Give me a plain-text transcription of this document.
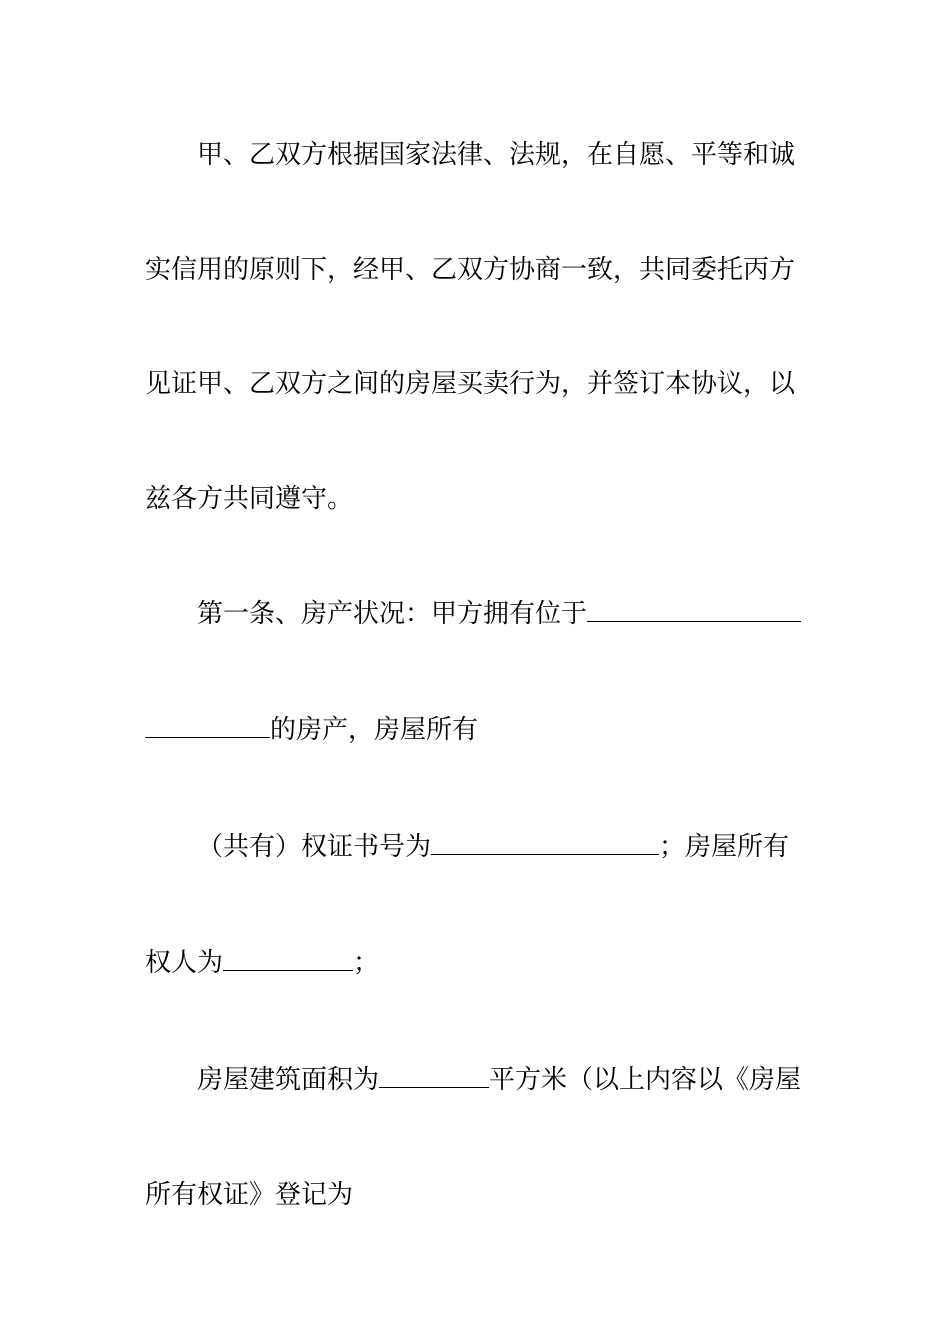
甲、乙双方根据国家法律、法规，在自愿、平等和诚
实信用的原则下，经甲、乙双方协商一致，共同委托丙方
见证甲、乙双方之间的房屋买卖行为，并签订本协议，以
兹各方共同遵守。
第一条、房产状况：甲方拥有位于
的房产，房屋所有
（共有）权证书号为	；房屋所有
权人为	；
房屋建筑面积为	平方米（以上内容以《房屋
所有权证》登记为
